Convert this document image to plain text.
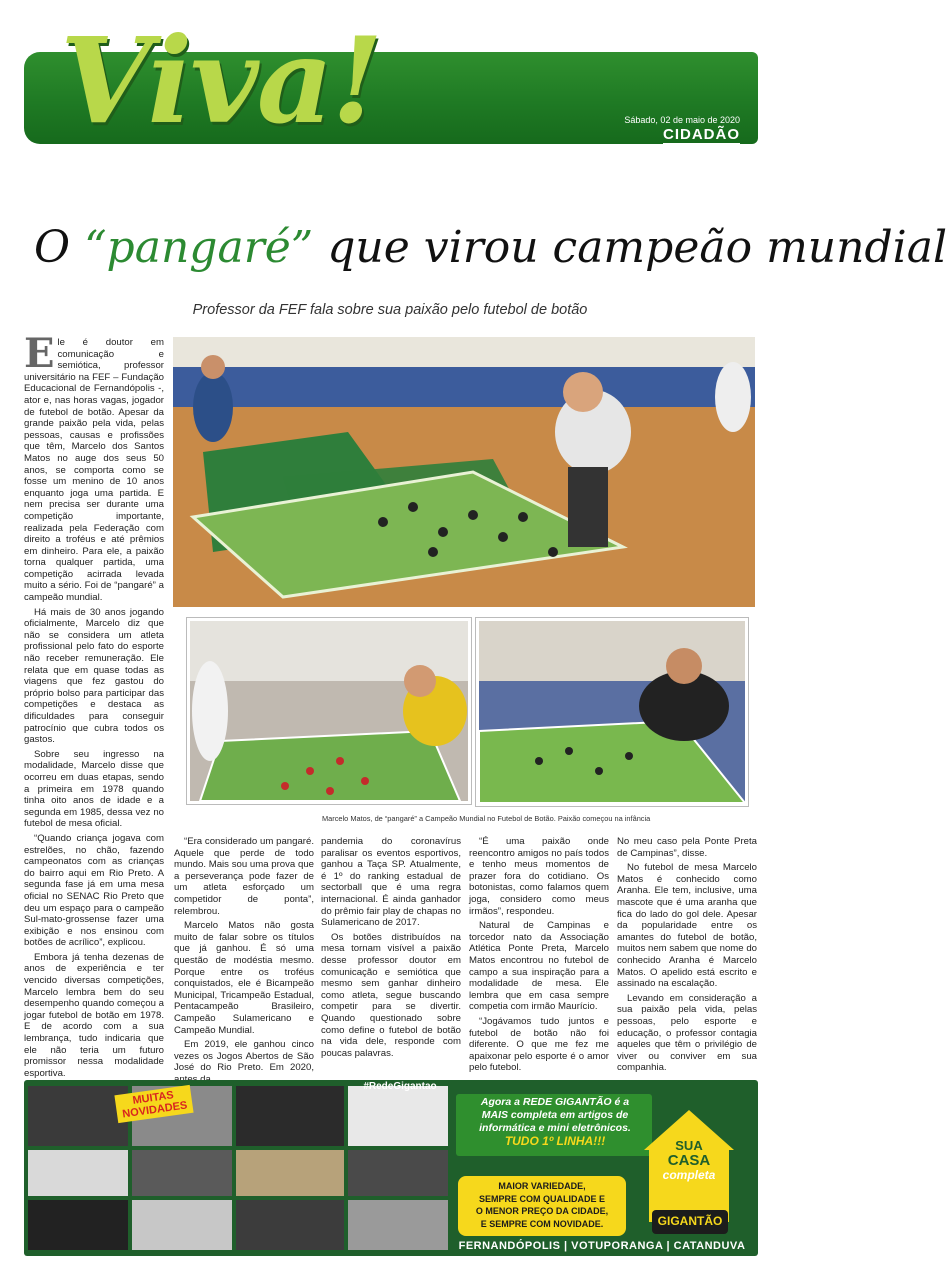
Viva!	Sábado, 02 de maio de 2020
CIDADÃO
O “pangaré” que virou campeão mundial
Professor da FEF fala sobre sua paixão pelo futebol de botão

Ele é doutor em comunicação e semiótica, professor universitário na FEF – Fundação Educacional de Fernandópolis -, ator e, nas horas vagas, jogador de futebol de botão. Apesar da grande paixão pela vida, pelas pessoas, causas e profissões que têm, Marcelo dos Santos Matos no auge dos seus 50 anos, se comporta como se fosse um menino de 10 anos enquanto joga uma partida. E nem precisa ser durante uma competição importante, realizada pela Federação com direito a troféus e até prêmios em dinheiro. Para ele, a paixão torna qualquer partida, uma competição acirrada levada muito a sério. Foi de “pangaré” a campeão mundial.

Há mais de 30 anos jogando oficialmente, Marcelo diz que não se considera um atleta profissional pelo fato do esporte não receber remuneração. Ele relata que em quase todas as viagens que fez gastou do próprio bolso para participar das competições e destaca as dificuldades para conseguir patrocínio que cubra todos os gastos.

Sobre seu ingresso na modalidade, Marcelo disse que ocorreu em duas etapas, sendo a primeira em 1978 quando tinha oito anos de idade e a segunda em 1985, dessa vez no futebol de mesa oficial.

“Quando criança jogava com estrelões, no chão, fazendo campeonatos com as crianças do bairro aqui em Rio Preto. A segunda fase já em uma mesa oficial no SENAC Rio Preto que deu um espaço para o campeão Sul-mato-grossense fazer uma exibição e nos ensinou com botões de acrílico”, explicou.

Embora já tenha dezenas de anos de experiência e ter vencido diversas competições, Marcelo lembra bem do seu desempenho quando começou a jogar futebol de botão em 1978. E de acordo com a sua lembrança, tudo indicaria que ele não teria um futuro promissor nessa modalidade esportiva.

Marcelo Matos, de “pangaré” a Campeão Mundial no Futebol de Botão. Paixão começou na infância

“Era considerado um pangaré. Aquele que perde de todo mundo. Mais sou uma prova que a perseverança pode fazer de um atleta esforçado um competidor de ponta”, relembrou.

Marcelo Matos não gosta muito de falar sobre os títulos que já ganhou. É só uma questão de modéstia mesmo. Porque entre os troféus conquistados, ele é Bicampeão Municipal, Tricampeão Estadual, Pentacampeão Brasileiro, Campeão Sulamericano e Campeão Mundial.

Em 2019, ele ganhou cinco vezes os Jogos Abertos de São José do Rio Preto. Em 2020,

pandemia do coronavírus paralisar os eventos esportivos, ganhou a Taça SP. Atualmente, é 1º do ranking estadual de sectorball que é uma regra internacional. É ainda ganhador do prêmio fair play de chapas no Sulamericano de 2017.

Os botões distribuídos na mesa tornam visível a paixão desse professor doutor em comunicação e semiótica que mesmo sem ganhar dinheiro como atleta, segue buscando competir para se divertir. Quando questionado sobre como define o futebol de botão na vida dele, responde com poucas palavras.

“É uma paixão onde reencontro amigos no país todos e tenho meus momentos de prazer fora do cotidiano. Os botonistas, como falamos quem joga, considero como meus irmãos”, respondeu.

Natural de Campinas e torcedor nato da Associação Atlética Ponte Preta, Marcelo Matos encontrou no futebol de campo a sua inspiração para a modalidade de mesa. Ele lembra que em casa sempre competia com irmão Maurício.

“Jogávamos tudo juntos e futebol de botão não foi diferente. O que me fez me apaixonar pelo esporte é o amor pelo futebol.

No meu caso pela Ponte Preta de Campinas”, disse.

No futebol de mesa Marcelo Matos é conhecido como Aranha. Ele tem, inclusive, uma mascote que é uma aranha que fica do lado do gol dele. Apesar da popularidade entre os amantes do futebol de botão, muitos nem sabem que nome do conhecido Aranha é Marcelo Matos. O apelido está escrito e assinado na escalação.

Levando em consideração a sua paixão pela vida, pelas pessoas, pelo esporte e educação, o professor contagia aqueles que têm o privilégio de viver ou conviver em sua companhia.

MUITAS NOVIDADES	Agora a REDE GIGANTÃO é a
MAIS completa em artigos de
informática e mini eletrônicos.
TUDO 1º LINHA!!!
MAIOR VARIEDADE,
SEMPRE COM QUALIDADE E
O MENOR PREÇO DA CIDADE,
E SEMPRE COM NOVIDADE.
SUA
CASA
completa
GIGANTÃO
#RedeGigantao
FERNANDÓPOLIS | VOTUPORANGA | CATANDUVA
